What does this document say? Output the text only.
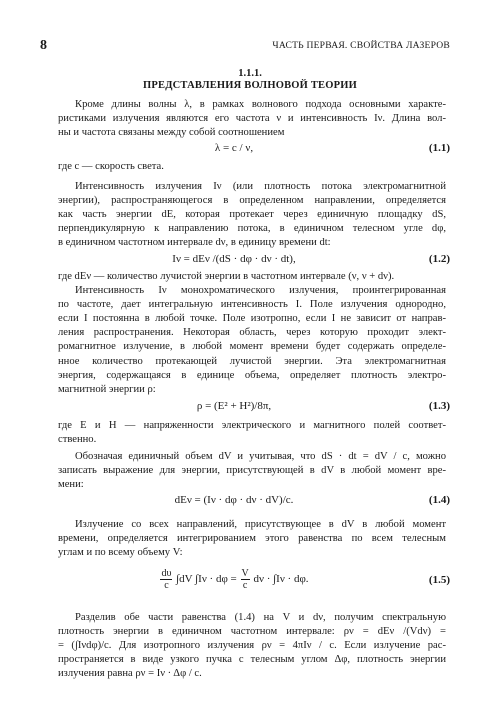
8	ЧАСТЬ ПЕРВАЯ. СВОЙСТВА ЛАЗЕРОВ
1.1.1.
ПРЕДСТАВЛЕНИЯ ВОЛНОВОЙ ТЕОРИИ
Кроме длины волны λ, в рамках волнового подхода основными характе-
ристиками излучения являются его частота ν и интенсивность Iν. Длина вол-
ны и частота связаны между собой соотношением
λ = c / ν,	(1.1)
где c — скорость света.
Интенсивность излучения Iν (или плотность потока электромагнитной
энергии), распространяющегося в определенном направлении, определяется
как часть энергии dE, которая протекает через единичную площадку dS,
перпендикулярную к направлению потока, в единичном телесном угле dφ,
в единичном частотном интервале dν, в единицу времени dt:
Iν = dEν /(dS · dφ · dν · dt),	(1.2)
где dEν — количество лучистой энергии в частотном интервале (ν, ν + dν).
Интенсивность Iν монохроматического излучения, проинтегрированная
по частоте, дает интегральную интенсивность I. Поле излучения однородно,
если I постоянна в любой точке. Поле изотропно, если I не зависит от направ-
ления распространения. Некоторая область, через которую проходит элект-
ромагнитное излучение, в любой момент времени будет содержать определе-
нное количество протекающей лучистой энергии. Эта электромагнитная
энергия, содержащаяся в единице объема, определяет плотность электро-
магнитной энергии ρ:
ρ = (E² + H²)/8π,	(1.3)
где E и H — напряженности электрического и магнитного полей соответ-
ственно.
Обозначая единичный объем dV и учитывая, что dS · dt = dV / c, можно
записать выражение для энергии, присутствующей в dV в любой момент вре-
мени:
dEν = (Iν · dφ · dν · dV)/c.	(1.4)
Излучение со всех направлений, присутствующее в dV в любой момент
времени, определяется интегрированием этого равенства по всем телесным
углам и по всему объему V:
$\frac{d\upsilon}{c} \int dV$ $\int I\nu \cdot d\varphi = \frac{V}{c}$ dν · ∫Iν · dφ.	(1.5)
Разделив обе части равенства (1.4) на V и dν, получим спектральную
плотность энергии в единичном частотном интервале: ρν = dEν /(Vdν) =
= (∫Iνdφ)/c. Для изотропного излучения ρν = 4πIν / c. Если излучение рас-
пространяется в виде узкого пучка с телесным углом Δφ, плотность энергии
излучения равна ρν = Iν · Δφ / c.
